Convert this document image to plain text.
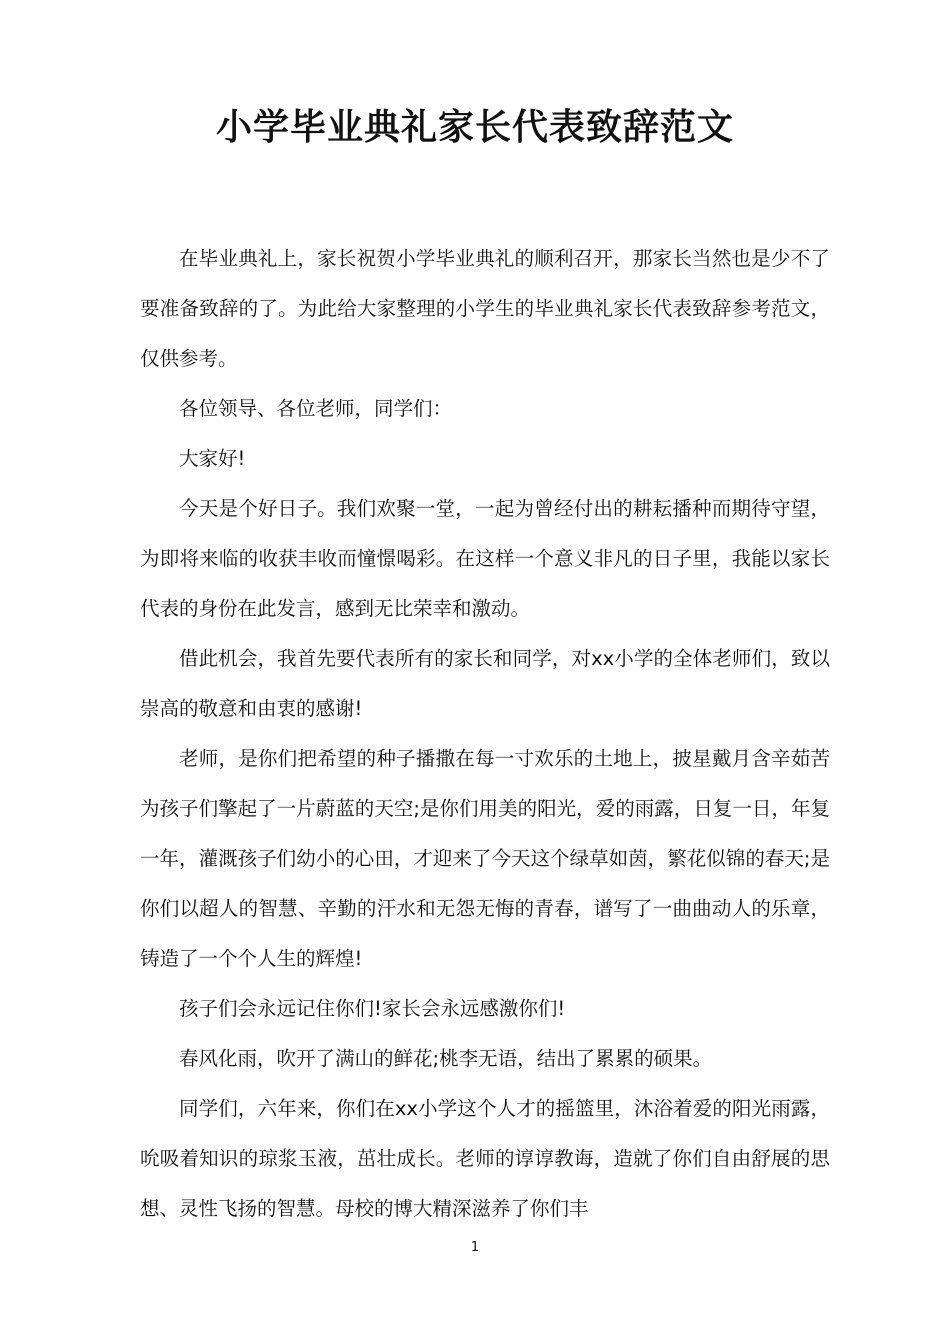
小学毕业典礼家长代表致辞范文

在毕业典礼上，家长祝贺小学毕业典礼的顺利召开，那家长当然也是少不了要准备致辞的了。为此给大家整理的小学生的毕业典礼家长代表致辞参考范文，仅供参考。

各位领导、各位老师，同学们：

大家好!

今天是个好日子。我们欢聚一堂，一起为曾经付出的耕耘播种而期待守望，为即将来临的收获丰收而憧憬喝彩。在这样一个意义非凡的日子里，我能以家长代表的身份在此发言，感到无比荣幸和激动。

借此机会，我首先要代表所有的家长和同学，对xx小学的全体老师们，致以崇高的敬意和由衷的感谢!

老师，是你们把希望的种子播撒在每一寸欢乐的土地上，披星戴月含辛茹苦为孩子们擎起了一片蔚蓝的天空;是你们用美的阳光，爱的雨露，日复一日，年复一年，灌溉孩子们幼小的心田，才迎来了今天这个绿草如茵，繁花似锦的春天;是你们以超人的智慧、辛勤的汗水和无怨无悔的青春，谱写了一曲曲动人的乐章，铸造了一个个人生的辉煌!

孩子们会永远记住你们!家长会永远感激你们!

春风化雨，吹开了满山的鲜花;桃李无语，结出了累累的硕果。

同学们，六年来，你们在xx小学这个人才的摇篮里，沐浴着爱的阳光雨露，吮吸着知识的琼浆玉液，茁壮成长。老师的谆谆教诲，造就了你们自由舒展的思想、灵性飞扬的智慧。母校的博大精深滋养了你们丰

1
